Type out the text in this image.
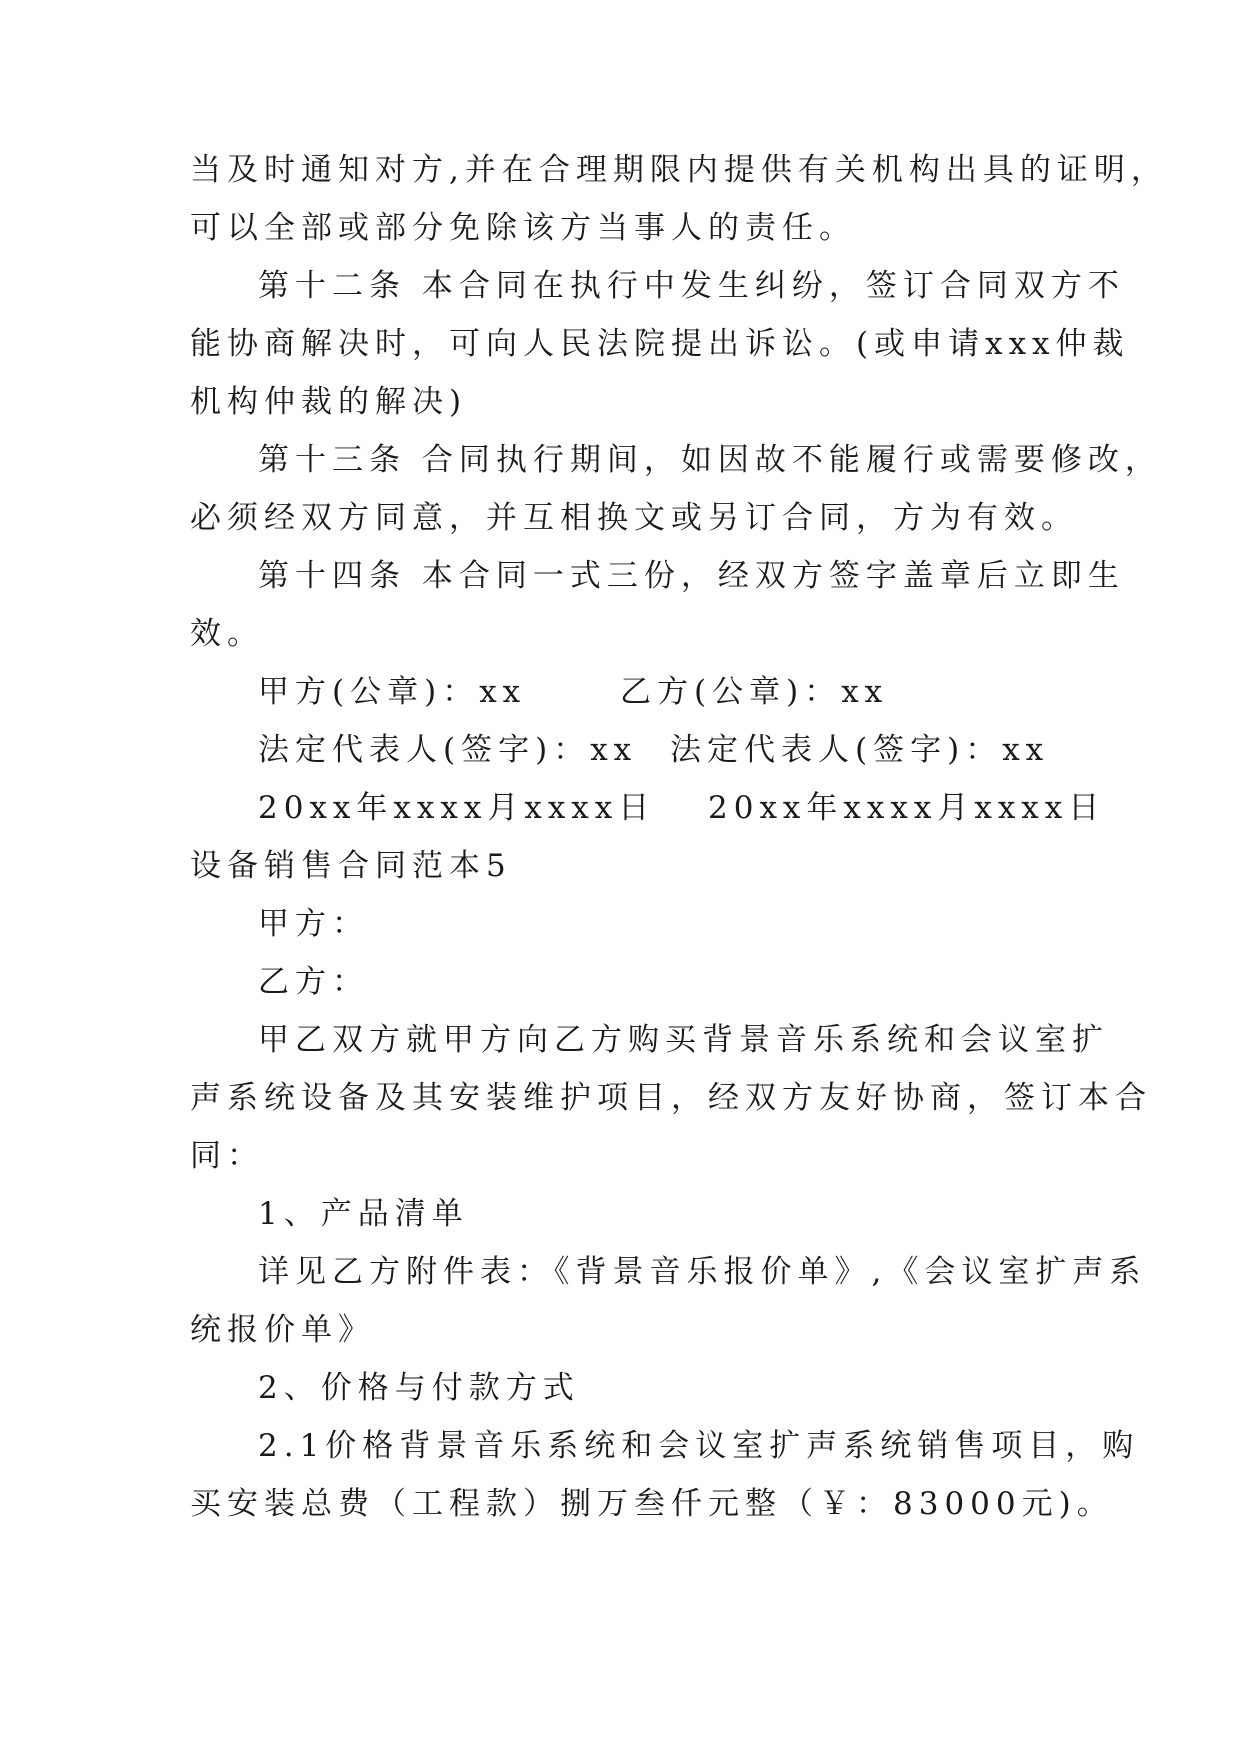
当及时通知对方,并在合理期限内提供有关机构出具的证明，
可以全部或部分免除该方当事人的责任。
第十二条 本合同在执行中发生纠纷，签订合同双方不
能协商解决时，可向人民法院提出诉讼。(或申请xxx仲裁
机构仲裁的解决)
第十三条 合同执行期间，如因故不能履行或需要修改，
必须经双方同意，并互相换文或另订合同，方为有效。
第十四条 本合同一式三份，经双方签字盖章后立即生
效。
甲方(公章)：xx	乙方(公章)：xx
法定代表人(签字)：xx 法定代表人(签字)：xx
20xx年xxxx月xxxx日 20xx年xxxx月xxxx日
设备销售合同范本5
甲方：
乙方：
甲乙双方就甲方向乙方购买背景音乐系统和会议室扩
声系统设备及其安装维护项目，经双方友好协商，签订本合
同：
1、产品清单
详见乙方附件表：《背景音乐报价单》,《会议室扩声系
统报价单》
2、价格与付款方式
2.1价格背景音乐系统和会议室扩声系统销售项目，购
买安装总费（工程款）捌万叁仟元整（￥：83000元)。
